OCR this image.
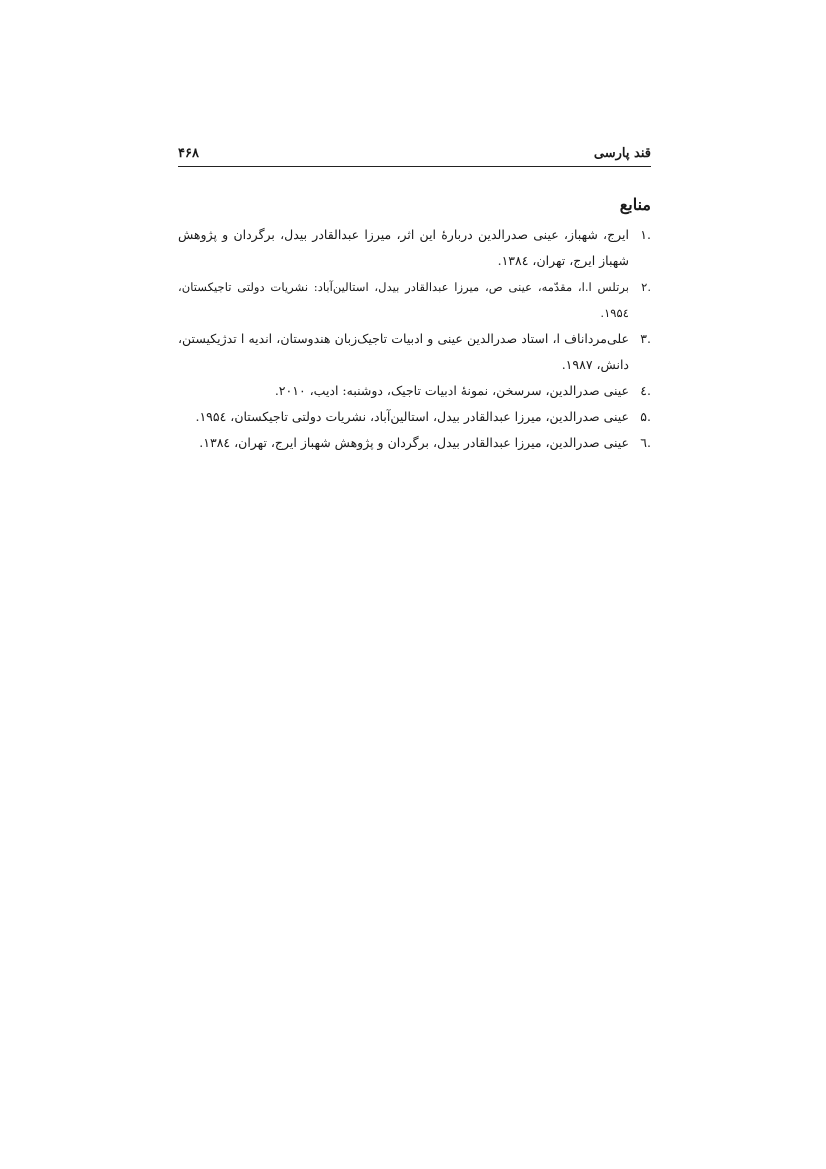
قند پارسی
۴۶۸
منابع
.۱
ایرج، شهباز، عینی صدرالدین دربارهٔ این اثر، میرزا عبدالقادر بیدل، برگردان و پژوهش شهباز ایرج، تهران، ۱۳۸٤.
.۲
برتلس ا.ا، مقدّمه، عینی ص، میرزا عبدالقادر بیدل، استالین‌آباد: نشریات دولتی تاجیکستان، ۱۹۵٤.
.۳
علی‌مرداناف ا، استاد صدرالدین عینی و ادبیات تاجیک‌زبان هندوستان، اندیه ا تدژیکیستن، دانش، ۱۹۸۷.
.٤
عینی صدرالدین، سرسخن، نمونهٔ ادبیات تاجیک، دوشنبه: ادیب، ۲۰۱۰.
.۵
عینی صدرالدین، میرزا عبدالقادر بیدل، استالین‌آباد، نشریات دولتی تاجیکستان، ۱۹۵٤.
.٦
عینی صدرالدین، میرزا عبدالقادر بیدل، برگردان و پژوهش شهباز ایرج، تهران، ۱۳۸٤.
